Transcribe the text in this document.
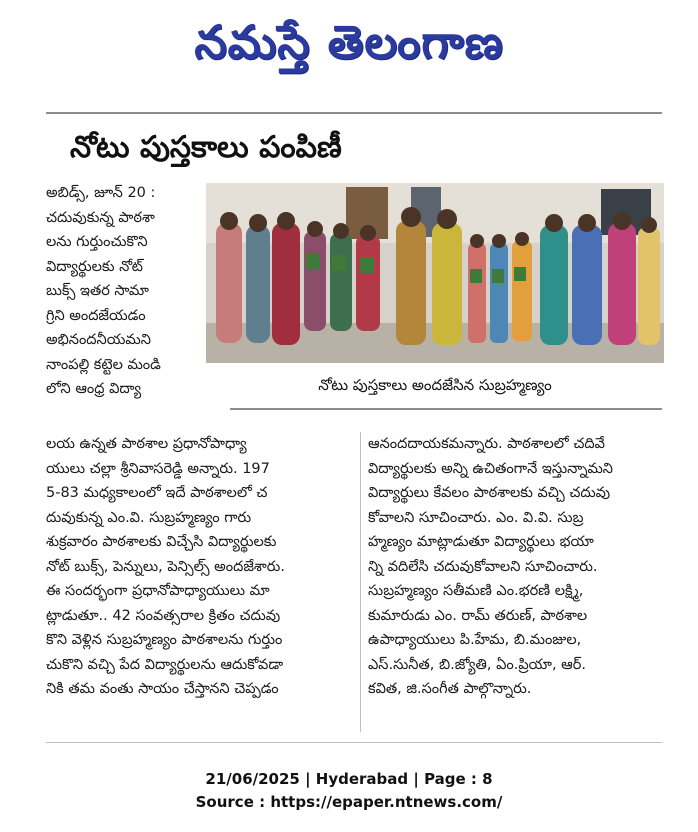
నమస్తే తెలంగాణ
నోటు పుస్తకాలు పంపిణీ
అబిడ్స్, జూన్ 20 :
చదువుకున్న పాఠశా
లను గుర్తుంచుకొని
విద్యార్థులకు నోట్
బుక్స్ ఇతర సామా
గ్రిని అందజేయడం
అభినందనీయమని
నాంపల్లి కట్టెల మండి
లోని ఆంధ్ర విద్యా	నోటు పుస్తకాలు అందజేసిన సుబ్రహ్మణ్యం
లయ ఉన్నత పాఠశాల ప్రధానోపాధ్యా
యులు చల్లా శ్రీనివాసరెడ్డి అన్నారు. 197
5-83 మధ్యకాలంలో ఇదే పాఠశాలలో చ
దువుకున్న ఎం.వి. సుబ్రహ్మణ్యం గారు
శుక్రవారం పాఠశాలకు విచ్చేసి విద్యార్థులకు
నోట్ బుక్స్, పెన్నులు, పెన్సిల్స్ అందజేశారు.
ఈ సందర్భంగా ప్రధానోపాధ్యాయులు మా
ట్లాడుతూ.. 42 సంవత్సరాల క్రితం చదువు
కొని వెళ్లిన సుబ్రహ్మణ్యం పాఠశాలను గుర్తుం
చుకొని వచ్చి పేద విద్యార్థులను ఆదుకోవడా
నికి తమ వంతు సాయం చేస్తానని చెప్పడం
ఆనందదాయకమన్నారు. పాఠశాలలో చదివే
విద్యార్థులకు అన్ని ఉచితంగానే ఇస్తున్నామని
విద్యార్థులు కేవలం పాఠశాలకు వచ్చి చదువు
కోవాలని సూచించారు. ఎం. వి.వి. సుబ్ర
హ్మణ్యం మాట్లాడుతూ విద్యార్థులు భయా
న్ని వదిలేసి చదువుకోవాలని సూచించారు.
సుబ్రహ్మణ్యం సతీమణి ఎం.భరణి లక్ష్మి,
కుమారుడు ఎం. రామ్ తరుణ్, పాఠశాల
ఉపాధ్యాయులు పి.హేమ, బి.మంజుల,
ఎస్.సునీత, బి.జ్యోతి, ఏం.ప్రియా, ఆర్.
కవిత, జి.సంగీత పాల్గొన్నారు.
21/06/2025 | Hyderabad | Page : 8
Source : https://epaper.ntnews.com/
